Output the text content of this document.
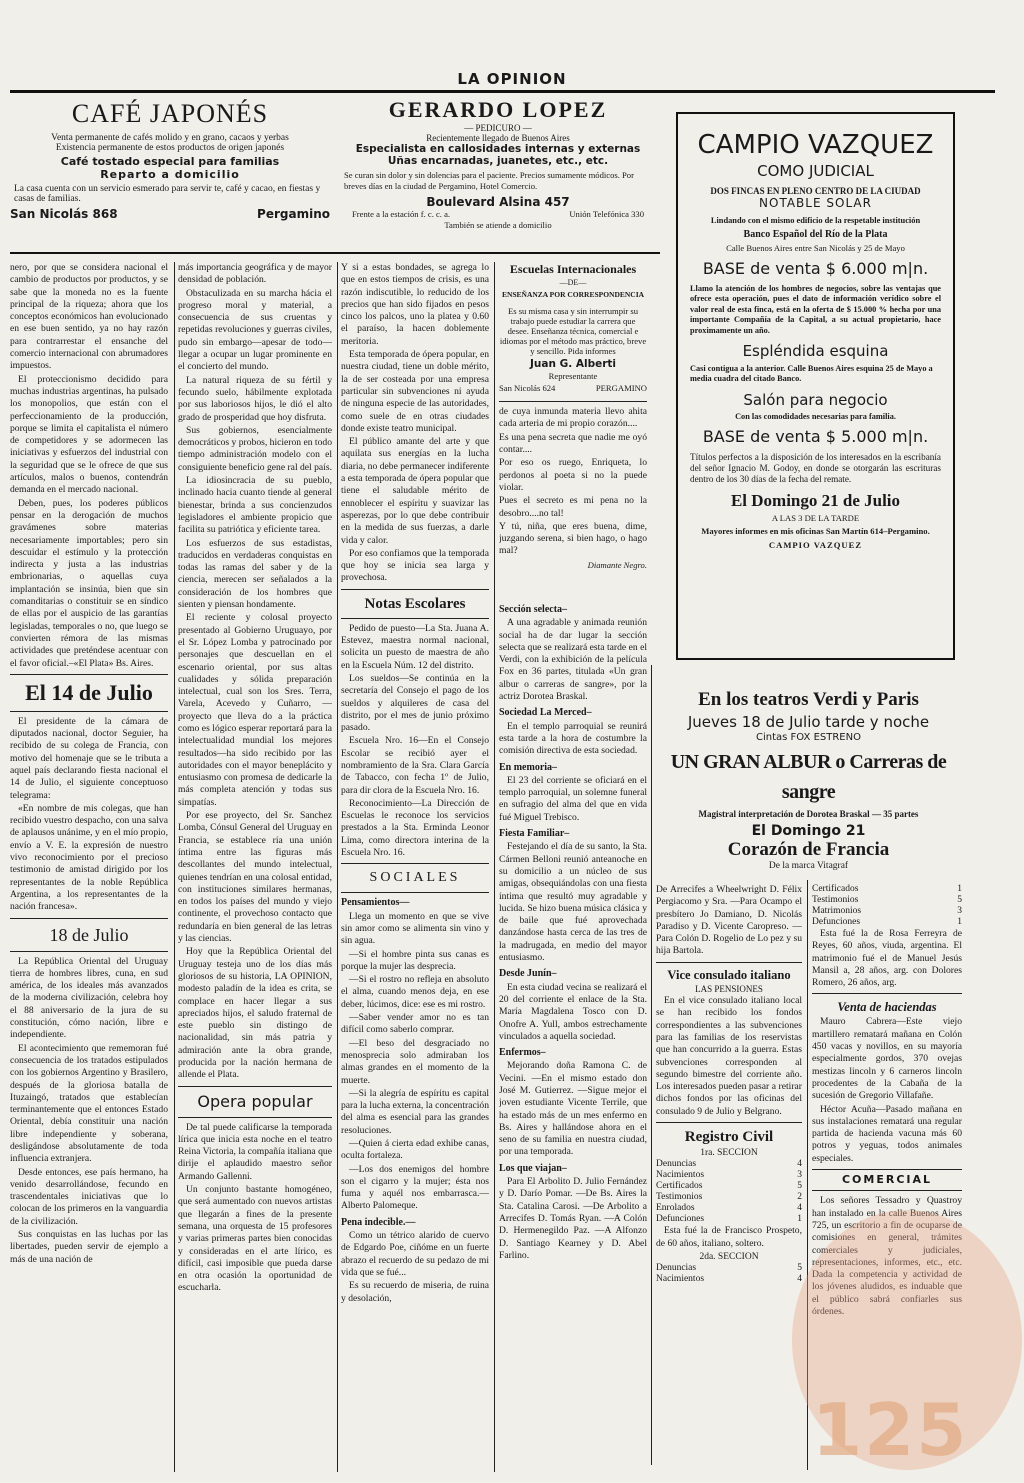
LA OPINION
CAFÉ JAPONÉS
Venta permanente de cafés molido y en grano, cacaos y yerbas
Existencia permanente de estos productos de origen japonés
Café tostado especial para familias
Reparto a domicilio
La casa cuenta con un servicio esmerado para servir te, café y cacao, en fiestas y casas de familias.
San Nicolás 868	Pergamino
GERARDO LOPEZ
— PEDICURO —
Recientemente llegado de Buenos Aires
Especialista en callosidades internas y externas
Uñas encarnadas, juanetes, etc., etc.
Se curan sin dolor y sin dolencias para el paciente. Precios sumamente módicos. Por breves días en la ciudad de Pergamino, Hotel Comercio.
Boulevard Alsina 457
Frente a la estación f. c. c. a.	Unión Telefónica 330
También se atiende a domicilio
CAMPIO VAZQUEZ
COMO JUDICIAL
DOS FINCAS EN PLENO CENTRO DE LA CIUDAD
NOTABLE SOLAR
Lindando con el mismo edificio de la respetable institución
Banco Español del Río de la Plata
Calle Buenos Aires entre San Nicolás y 25 de Mayo
BASE de venta $ 6.000 m|n.
Llamo la atención de los hombres de negocios, sobre las ventajas que ofrece esta operación, pues el dato de información verídico sobre el valor real de esta finca, está en la oferta de $ 15.000 % hecha por una importante Compañía de la Capital, a su actual propietario, hace proximamente un año.
Espléndida esquina
Casi contigua a la anterior. Calle Buenos Aires esquina 25 de Mayo a media cuadra del citado Banco.
Salón para negocio
Con las comodidades necesarias para familia.
BASE de venta $ 5.000 m|n.
Títulos perfectos a la disposición de los interesados en la escribanía del señor Ignacio M. Godoy, en donde se otorgarán las escrituras dentro de los 30 días de la fecha del remate.
El Domingo 21 de Julio
A LAS 3 DE LA TARDE
Mayores informes en mis oficinas San Martín 614–Pergamino.
CAMPIO VAZQUEZ

nero, por que se considera nacional el cambio de productos por productos, y se sabe que la moneda no es la fuente principal de la riqueza; ahora que los conceptos económicos han evolucionado en ese buen sentido, ya no hay razón para contrarrestar el ensanche del comercio internacional con abrumadores impuestos.

El proteccionismo decidido para muchas industrias argentinas, ha pulsado los monopolios, que están con el perfeccionamiento de la producción, porque se limita el capitalista el número de competidores y se adormecen las iniciativas y esfuerzos del industrial con la seguridad que se le ofrece de que sus artículos, malos o buenos, contendrán demanda en el mercado nacional.

Deben, pues, los poderes públicos pensar en la derogación de muchos gravámenes sobre materias necesariamente importables; pero sin descuidar el estímulo y la protección indirecta y justa a las industrias embrionarias, o aquellas cuya implantación se insinúa, bien que sin comanditarias o constituir se en síndico de ellas por el auspicio de las garantías legisladas, temporales o no, que luego se convierten rémora de las mismas actividades que preténdese acentuar con el favor oficial.–«El Plata» Bs. Aires.

El 14 de Julio

El presidente de la cámara de diputados nacional, doctor Seguier, ha recibido de su colega de Francia, con motivo del homenaje que se le tributa a aquel país declarando fiesta nacional el 14 de Julio, el siguiente conceptuoso telegrama:

«En nombre de mis colegas, que han recibido vuestro despacho, con una salva de aplausos unánime, y en el mío propio, envío a V. E. la expresión de nuestro vivo reconocimiento por el precioso testimonio de amistad dirigido por los representantes de la noble República Argentina, a los representantes de la nación francesa».

18 de Julio

La República Oriental del Uruguay tierra de hombres libres, cuna, en sud américa, de los ideales más avanzados de la moderna civilización, celebra hoy el 88 aniversario de la jura de su constitución, cómo nación, libre e independiente.

El acontecimiento que rememoran fué consecuencia de los tratados estipulados con los gobiernos Argentino y Brasilero, después de la gloriosa batalla de Ituzaingó, tratados que establecían terminantemente que el entonces Estado Oriental, debía constituir una nación libre independiente y soberana, desligándose absolutamente de toda influencia extranjera.

Desde entonces, ese país hermano, ha venido desarrollándose, fecundo en trascendentales iniciativas que lo colocan de los primeros en la vanguardia de la civilización.

Sus conquistas en las luchas por las libertades, pueden servir de ejemplo a más de una nación de

más importancia geográfica y de mayor densidad de población.

Obstaculizada en su marcha hácia el progreso moral y material, a consecuencia de sus cruentas y repetidas revoluciones y guerras civiles, pudo sin embargo—apesar de todo— llegar a ocupar un lugar prominente en el concierto del mundo.

La natural riqueza de su fértil y fecundo suelo, hábilmente explotada por sus laboriosos hijos, le dió el alto grado de prosperidad que hoy disfruta.

Sus gobiernos, esencialmente democráticos y probos, hicieron en todo tiempo administración modelo con el consiguiente beneficio gene ral del país.

La idiosincracia de su pueblo, inclinado hacia cuanto tiende al general bienestar, brinda a sus concienzudos legisladores el ambiente propicio que facilita su patriótica y eficiente tarea.

Los esfuerzos de sus estadistas, traducidos en verdaderas conquistas en todas las ramas del saber y de la ciencia, merecen ser señalados a la consideración de los hombres que sienten y piensan hondamente.

El reciente y colosal proyecto presentado al Gobierno Uruguayo, por el Sr. López Lomba y patrocinado por personajes que descuellan en el escenario oriental, por sus altas cualidades y sólida preparación intelectual, cual son los Sres. Terra, Varela, Acevedo y Cuñarro, — proyecto que lleva do a la práctica como es lógico esperar reportará para la intelectualidad mundial los mejores resultados—ha sido recibido por las autoridades con el mayor beneplácito y entusiasmo con promesa de dedicarle la más completa atención y todas sus simpatías.

Por ese proyecto, del Sr. Sanchez Lomba, Cónsul General del Uruguay en Francia, se establece ría una unión íntima entre las figuras más descollantes del mundo intelectual, quienes tendrían en una colosal entidad, con instituciones similares hermanas, en todos los países del mundo y viejo continente, el provechoso contacto que redundaría en bien general de las letras y las ciencias.

Hoy que la República Oriental del Uruguay testeja uno de los días más gloriosos de su historia, LA OPINION, modesto paladín de la idea es crita, se complace en hacer llegar a sus apreciados hijos, el saludo fraternal de este pueblo sin distingo de nacionalidad, sin más patria y admiración ante la obra grande, producida por la nación hermana de allende el Plata.

Opera popular

De tal puede calificarse la temporada lírica que inicia esta noche en el teatro Reina Victoria, la compañía italiana que dirije el aplaudido maestro señor Armando Gallenni.

Un conjunto bastante homogéneo, que será aumentado con nuevos artistas que llegarán a fines de la presente semana, una orquesta de 15 profesores y varias primeras partes bien conocidas y consideradas en el arte lírico, es difícil, casi imposible que pueda darse en otra ocasión la oportunidad de escucharla.

Y si a estas bondades, se agrega lo que en estos tiempos de crisis, es una razón indiscutible, lo reducido de los precios que han sido fijados en pesos cinco los palcos, uno la platea y 0.60 el paraíso, la hacen doblemente meritoria.

Esta temporada de ópera popular, en nuestra ciudad, tiene un doble mérito, la de ser costeada por una empresa particular sin subvenciones ni ayuda de ninguna especie de las autoridades, como suele de en otras ciudades donde existe teatro municipal.

El público amante del arte y que aquilata sus energías en la lucha diaria, no debe permanecer indiferente a esta temporada de ópera popular que tiene el saludable mérito de ennoblecer el espíritu y suavizar las asperezas, por lo que debe contribuir en la medida de sus fuerzas, a darle vida y calor.

Por eso confiamos que la temporada que hoy se inicia sea larga y provechosa.

Notas Escolares

Pedido de puesto—La Sta. Juana A. Estevez, maestra normal nacional, solicita un puesto de maestra de año en la Escuela Núm. 12 del distrito.

Los sueldos—Se continúa en la secretaría del Consejo el pago de los sueldos y alquileres de casa del distrito, por el mes de junio próximo pasado.

Escuela Nro. 16—En el Consejo Escolar se recibió ayer el nombramiento de la Sra. Clara García de Tabacco, con fecha 1º de Julio, para dir clora de la Escuela Nro. 16.

Reconocimiento—La Dirección de Escuelas le reconoce los servicios prestados a la Sta. Erminda Leonor Lima, como directora interina de la Escuela Nro. 16.

SOCIALES
Pensamientos—

Llega un momento en que se vive sin amor como se alimenta sin vino y sin agua.

—Si el hombre pinta sus canas es porque la mujer las desprecia.

—Si el rostro no refleja en absoluto el alma, cuando menos deja, en ese deber, lúcimos, dice: ese es mi rostro.

—Saber vender amor no es tan difícil como saberlo comprar.

—El beso del desgraciado no menosprecia solo admiraban los almas grandes en el momento de la muerte.

—Si la alegría de espíritu es capital para la lucha externa, la concentración del alma es esencial para las grandes resoluciones.

—Quien á cierta edad exhibe canas, oculta fortaleza.

—Los dos enemigos del hombre son el cigarro y la mujer; ésta nos fuma y aquél nos embarrasca.—Alberto Palomeque.

Pena indecible.—

Como un tétrico alarido de cuervo de Edgardo Poe, ciñóme en un fuerte abrazo el recuerdo de su pedazo de mi vida que se fué...

Es su recuerdo de miseria, de ruina y desolación,

Escuelas Internacionales
—DE—
ENSEÑANZA POR CORRESPONDENCIA
Es su misma casa y sin interrumpir su trabajo puede estudiar la carrera que desee. Enseñanza técnica, comercial e idiomas por el método mas práctico, breve y sencillo. Pida informes
Juan G. Alberti
Representante
San Nicolás 624	PERGAMINO

de cuya inmunda materia llevo ahita cada arteria de mi propio corazón....

Es una pena secreta que nadie me oyó contar....

Por eso os ruego, Enriqueta, lo perdonos al poeta si no la puede violar.

Pues el secreto es mi pena no la desobro....no tal!

Y tú, niña, que eres buena, dime, juzgando serena, si bien hago, o hago mal?

Diamante Negro.
Sección selecta–

A una agradable y animada reunión social ha de dar lugar la sección selecta que se realizará esta tarde en el Verdi, con la exhibición de la película Fox en 36 partes, titulada «Un gran albur o carreras de sangre», por la actriz Dorotea Braskal.

Sociedad La Merced–

En el templo parroquial se reunirá esta tarde a la hora de costumbre la comisión directiva de esta sociedad.

En memoria–

El 23 del corriente se oficiará en el templo parroquial, un solemne funeral en sufragio del alma del que en vida fué Miguel Trebisco.

Fiesta Familiar–

Festejando el día de su santo, la Sta. Cármen Belloni reunió anteanoche en su domicilio a un núcleo de sus amigas, obsequiándolas con una fiesta íntima que resultó muy agradable y lucida. Se hizo buena música clásica y de baile que fué aprovechada danzándose hasta cerca de las tres de la madrugada, en medio del mayor entusiasmo.

Desde Junín–

En esta ciudad vecina se realizará el 20 del corriente el enlace de la Sta. María Magdalena Tosco con D. Onofre A. Yull, ambos estrechamente vinculados a aquella sociedad.

Enfermos–

Mejorando doña Ramona C. de Vecini. —En el mismo estado don José M. Gutierrez. —Sigue mejor el joven estudiante Vicente Terrile, que ha estado más de un mes enfermo en Bs. Aires y hallándose ahora en el seno de su familia en nuestra ciudad, por una temporada.

Los que viajan–

Para El Arbolito D. Julio Fernández y D. Darío Pomar. —De Bs. Aires la Sta. Catalina Carosi. —De Arbolito a Arrecifes D. Tomás Ryan. —A Colón D. Hermenegildo Paz. —A Alfonzo D. Santiago Kearney y D. Abel Farlino.

En los teatros Verdi y Paris
Jueves 18 de Julio tarde y noche
Cintas FOX ESTRENO
UN GRAN ALBUR o Carreras de sangre
Magistral interpretación de Dorotea Braskal — 35 partes
El Domingo 21
Corazón de Francia
De la marca Vitagraf

De Arrecifes a Wheelwright D. Félix Pergiacomo y Sra. —Para Ocampo el presbítero Jo Damiano, D. Nicolás Paradiso y D. Vicente Caropreso. —Para Colón D. Rogelio de Lo pez y su hija Bartola.

Vice consulado italiano
LAS PENSIONES

En el vice consulado italiano local se han recibido los fondos correspondientes a las subvenciones para las familias de los reservistas que han concurrido a la guerra. Estas subvenciones corresponden al segundo bimestre del corriente año. Los interesados pueden pasar a retirar dichos fondos por las oficinas del consulado 9 de Julio y Belgrano.

Registro Civil
1ra. SECCION
Denuncias	4
Nacimientos	3
Certificados	5
Testimonios	2
Enrolados	4
Defunciones	1

Esta fué la de Francisco Prospeto, de 60 años, italiano, soltero.

2da. SECCION
Denuncias	5
Nacimientos	4
Certificados	1
Testimonios	5
Matrimonios	3
Defunciones	1

Esta fué la de Rosa Ferreyra de Reyes, 60 años, viuda, argentina. El matrimonio fué el de Manuel Jesús Mansil a, 28 años, arg. con Dolores Romero, 26 años, arg.

Venta de haciendas

Mauro Cabrera—Este viejo martillero rematará mañana en Colón 450 vacas y novillos, en su mayoría especialmente gordos, 370 ovejas mestizas lincoln y 6 carneros lincoln procedentes de la Cabaña de la sucesión de Gregorio Villafañe.

Héctor Acuña—Pasado mañana en sus instalaciones rematará una regular partida de hacienda vacuna más 60 potros y yeguas, todos animales especiales.

COMERCIAL

Los señores Tessadro y Quastroy han instalado en la calle Buenos Aires 725, un escritorio a fin de ocuparse de comisiones en general, trámites comerciales y judiciales, representaciones, informes, etc., etc. Dada la competencia y actividad de los jóvenes aludidos, es induable que el público sabrá confiarles sus órdenes.

125
